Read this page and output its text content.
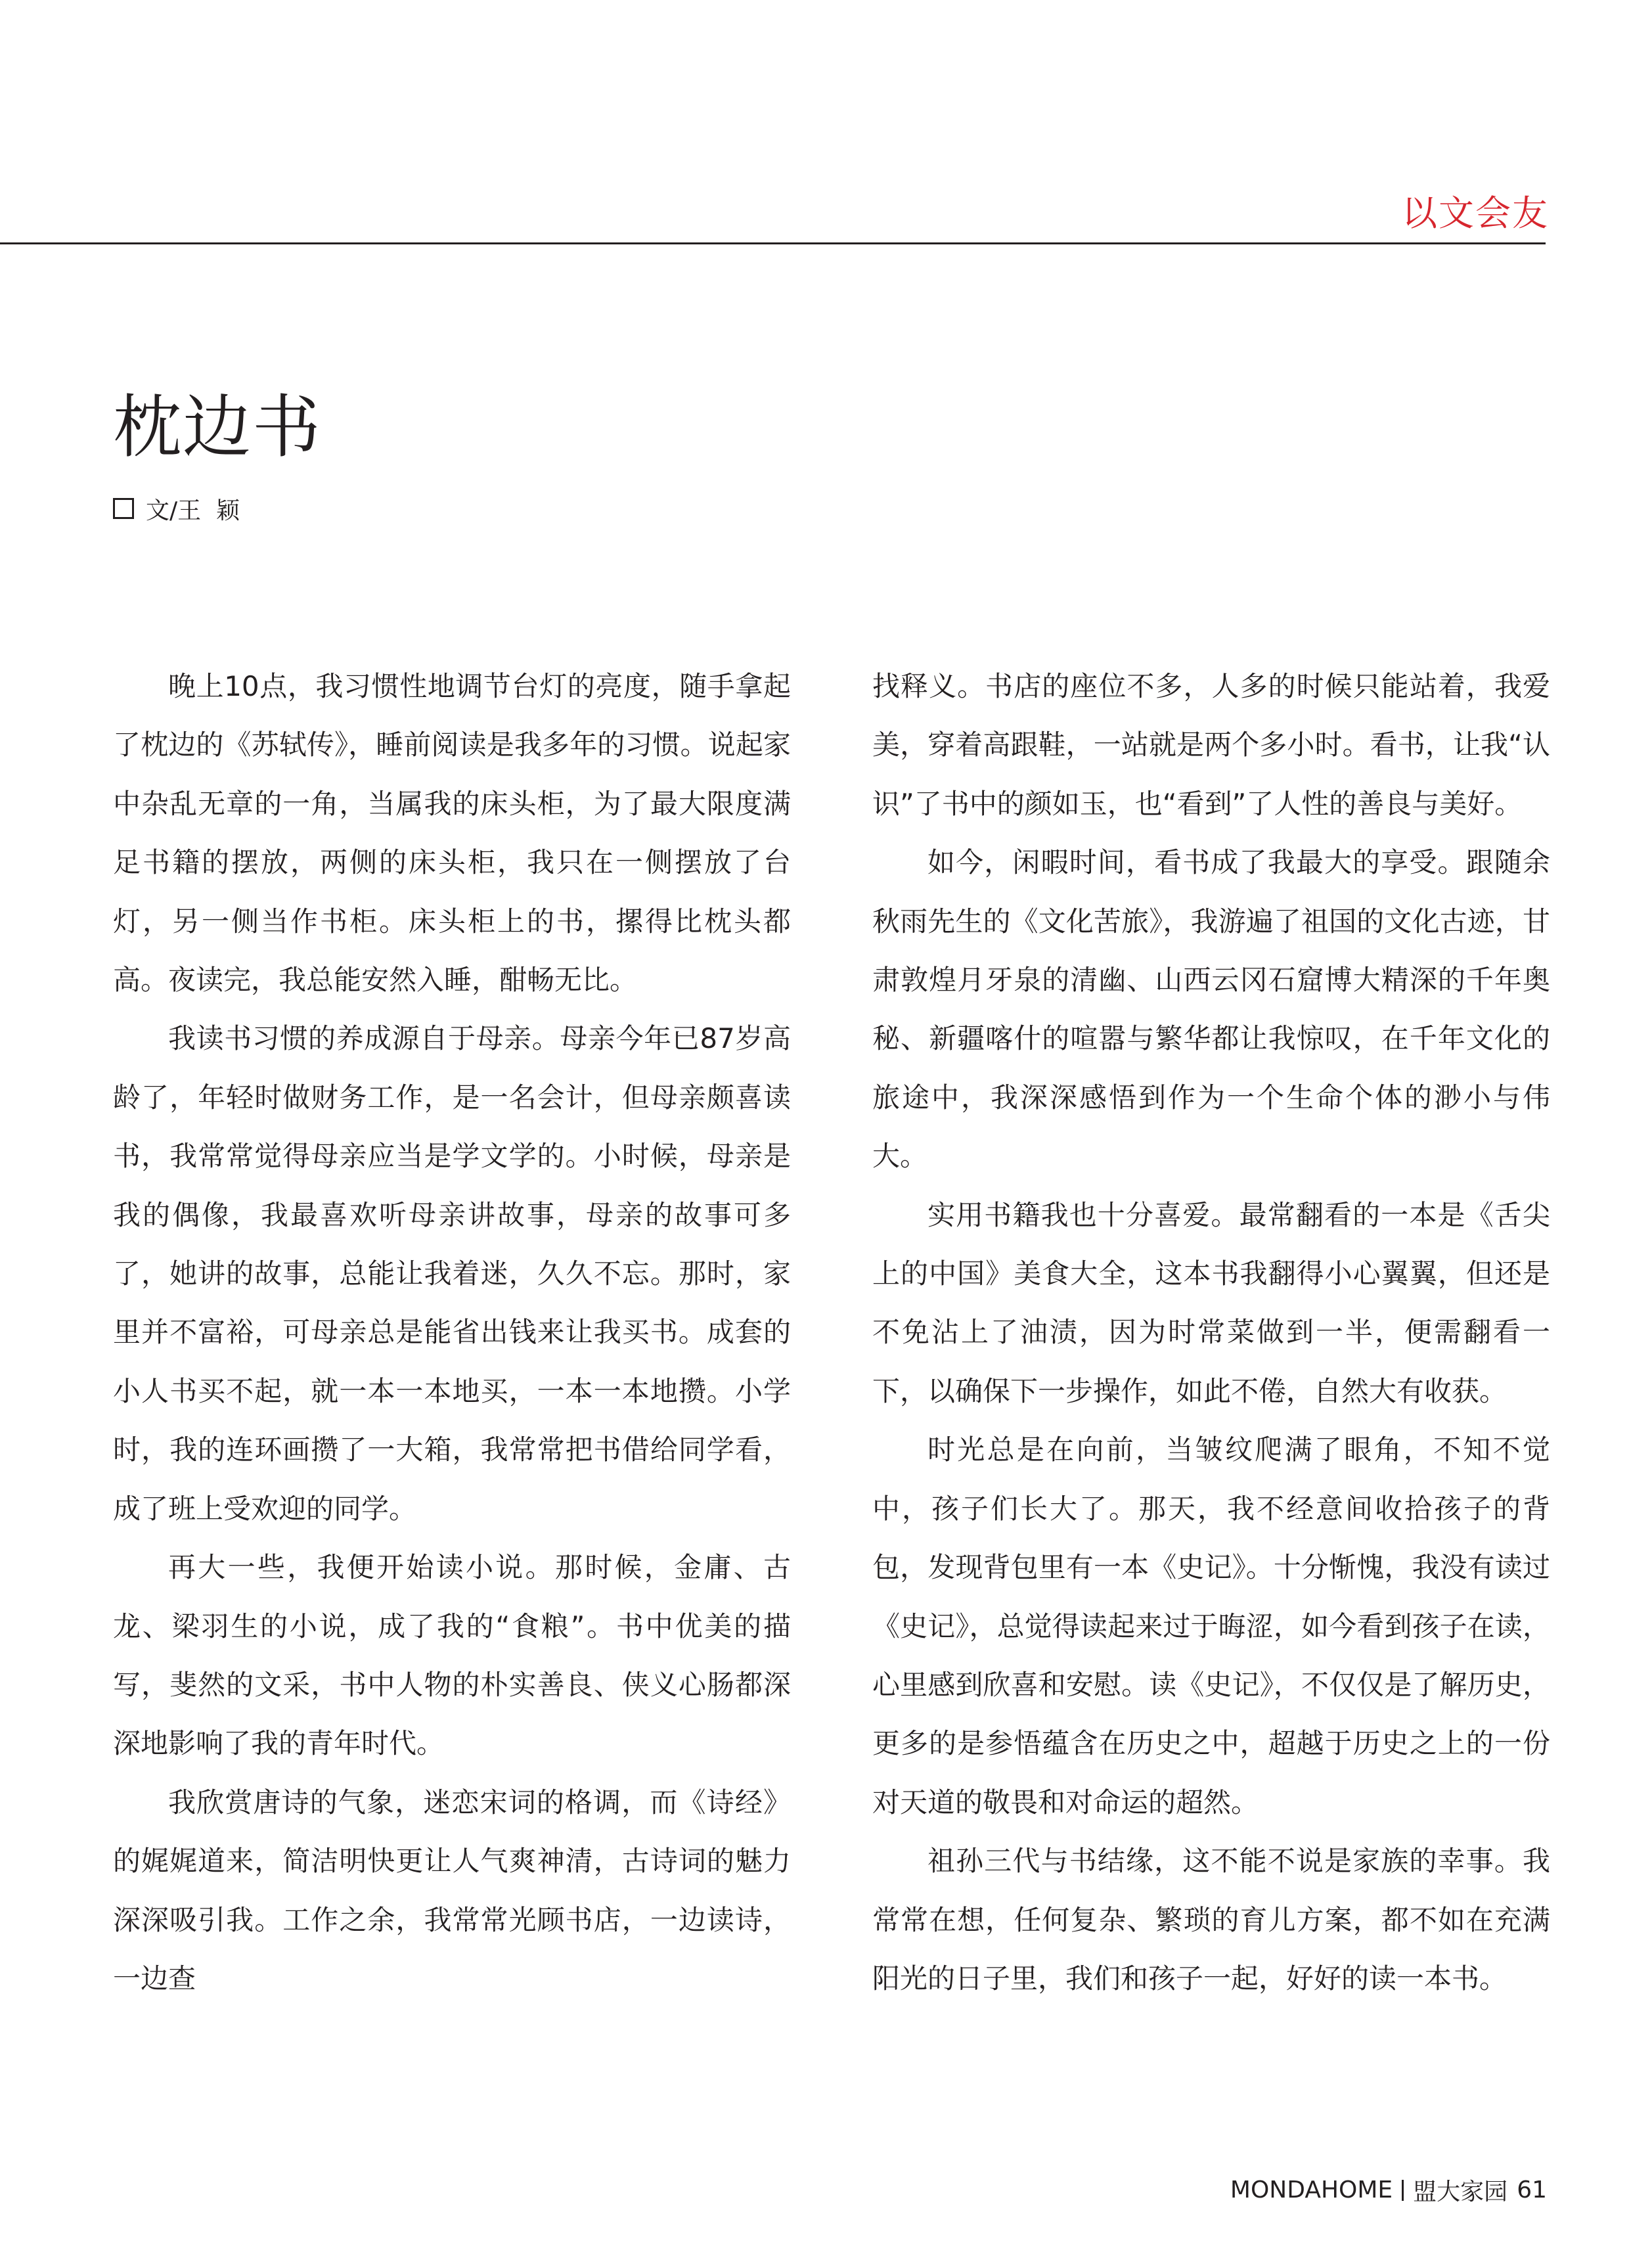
以文会友
枕边书
文/王  颖

晚上10点，我习惯性地调节台灯的亮度，随手拿起了枕边的《苏轼传》，睡前阅读是我多年的习惯。说起家中杂乱无章的一角，当属我的床头柜，为了最大限度满足书籍的摆放，两侧的床头柜，我只在一侧摆放了台灯，另一侧当作书柜。床头柜上的书，摞得比枕头都高。夜读完，我总能安然入睡，酣畅无比。

我读书习惯的养成源自于母亲。母亲今年已87岁高龄了，年轻时做财务工作，是一名会计，但母亲颇喜读书，我常常觉得母亲应当是学文学的。小时候，母亲是我的偶像，我最喜欢听母亲讲故事，母亲的故事可多了，她讲的故事，总能让我着迷，久久不忘。那时，家里并不富裕，可母亲总是能省出钱来让我买书。成套的小人书买不起，就一本一本地买，一本一本地攒。小学时，我的连环画攒了一大箱，我常常把书借给同学看，成了班上受欢迎的同学。

再大一些，我便开始读小说。那时候，金庸、古龙、梁羽生的小说，成了我的“食粮”。书中优美的描写，斐然的文采，书中人物的朴实善良、侠义心肠都深深地影响了我的青年时代。

我欣赏唐诗的气象，迷恋宋词的格调，而《诗经》的娓娓道来，简洁明快更让人气爽神清，古诗词的魅力深深吸引我。工作之余，我常常光顾书店，一边读诗，一边查

找释义。书店的座位不多，人多的时候只能站着，我爱美，穿着高跟鞋，一站就是两个多小时。看书，让我“认识”了书中的颜如玉，也“看到”了人性的善良与美好。

如今，闲暇时间，看书成了我最大的享受。跟随余秋雨先生的《文化苦旅》，我游遍了祖国的文化古迹，甘肃敦煌月牙泉的清幽、山西云冈石窟博大精深的千年奥秘、新疆喀什的喧嚣与繁华都让我惊叹，在千年文化的旅途中，我深深感悟到作为一个生命个体的渺小与伟大。

实用书籍我也十分喜爱。最常翻看的一本是《舌尖上的中国》美食大全，这本书我翻得小心翼翼，但还是不免沾上了油渍，因为时常菜做到一半，便需翻看一下，以确保下一步操作，如此不倦，自然大有收获。

时光总是在向前，当皱纹爬满了眼角，不知不觉中，孩子们长大了。那天，我不经意间收拾孩子的背包，发现背包里有一本《史记》。十分惭愧，我没有读过《史记》，总觉得读起来过于晦涩，如今看到孩子在读，心里感到欣喜和安慰。读《史记》，不仅仅是了解历史，更多的是参悟蕴含在历史之中，超越于历史之上的一份对天道的敬畏和对命运的超然。

祖孙三代与书结缘，这不能不说是家族的幸事。我常常在想，任何复杂、繁琐的育儿方案，都不如在充满阳光的日子里，我们和孩子一起，好好的读一本书。

MONDAHOME 盟大家园 61
